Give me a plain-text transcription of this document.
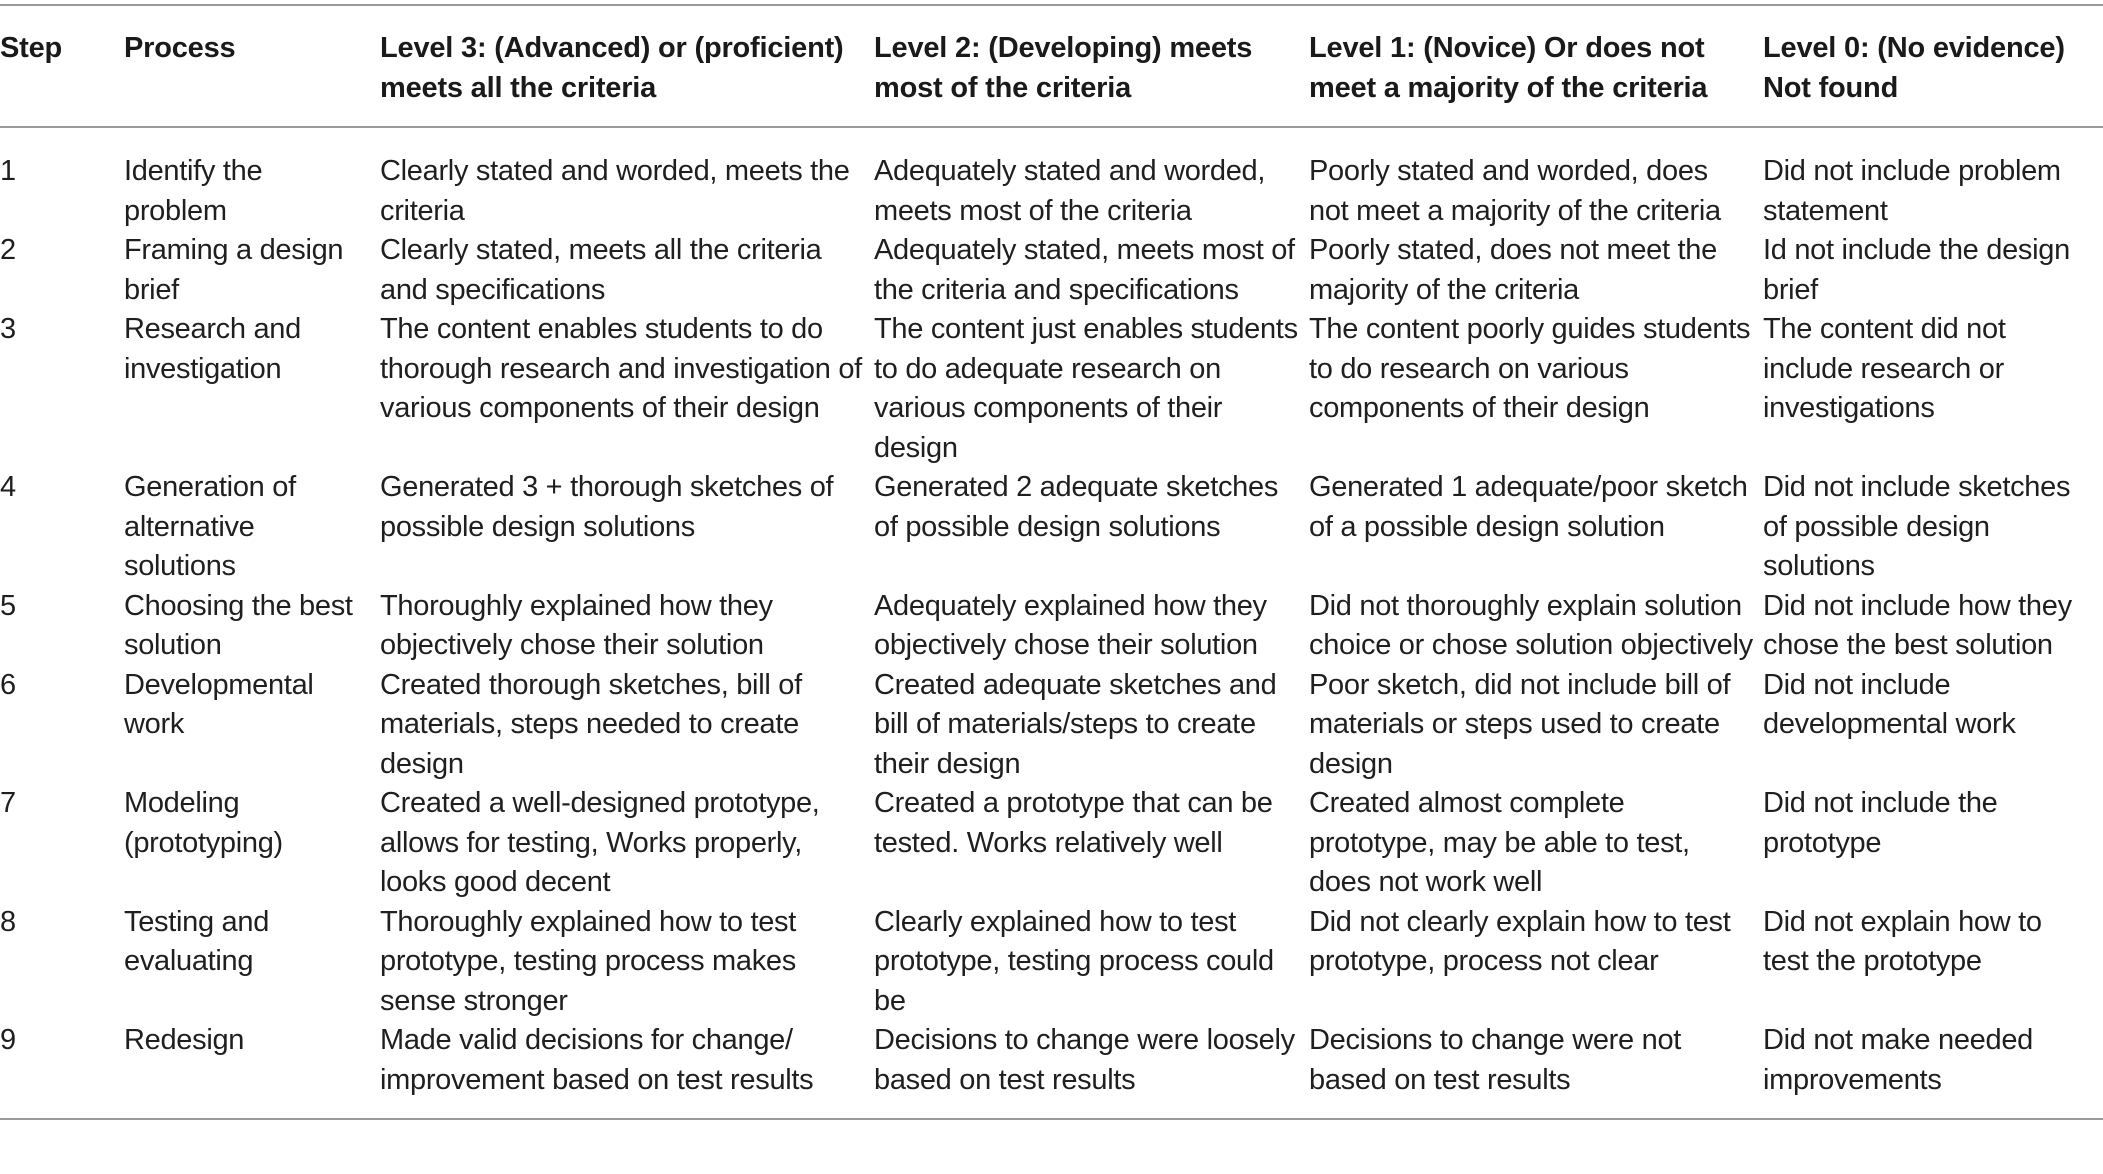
Step	Process	Level 3: (Advanced) or (proficient) meets all the criteria	Level 2: (Developing) meets most of the criteria	Level 1: (Novice) Or does not meet a majority of the criteria	Level 0: (No evidence) Not found
1	Identify the problem	Clearly stated and worded, meets the criteria	Adequately stated and worded, meets most of the criteria	Poorly stated and worded, does not meet a majority of the criteria	Did not include problem statement
2	Framing a design brief	Clearly stated, meets all the criteria and specifications	Adequately stated, meets most of the criteria and specifications	Poorly stated, does not meet the majority of the criteria	Id not include the design brief
3	Research and investigation	The content enables students to do thorough research and investigation of various components of their design	The content just enables students to do adequate research on various components of their design	The content poorly guides students to do research on various components of their design	The content did not include research or investigations
4	Generation of alternative solutions	Generated 3 + thorough sketches of possible design solutions	Generated 2 adequate sketches of possible design solutions	Generated 1 adequate/poor sketch of a possible design solution	Did not include sketches of possible design solutions
5	Choosing the best solution	Thoroughly explained how they objectively chose their solution	Adequately explained how they objectively chose their solution	Did not thoroughly explain solution choice or chose solution objectively	Did not include how they chose the best solution
6	Developmental work	Created thorough sketches, bill of materials, steps needed to create design	Created adequate sketches and bill of materials/steps to create their design	Poor sketch, did not include bill of materials or steps used to create design	Did not include developmental work
7	Modeling (prototyping)	Created a well-designed prototype, allows for testing, Works properly, looks good decent	Created a prototype that can be tested. Works relatively well	Created almost complete prototype, may be able to test, does not work well	Did not include the prototype
8	Testing and evaluating	Thoroughly explained how to test prototype, testing process makes sense stronger	Clearly explained how to test prototype, testing process could be	Did not clearly explain how to test prototype, process not clear	Did not explain how to test the prototype
9	Redesign	Made valid decisions for change/ improvement based on test results	Decisions to change were loosely based on test results	Decisions to change were not based on test results	Did not make needed improvements
